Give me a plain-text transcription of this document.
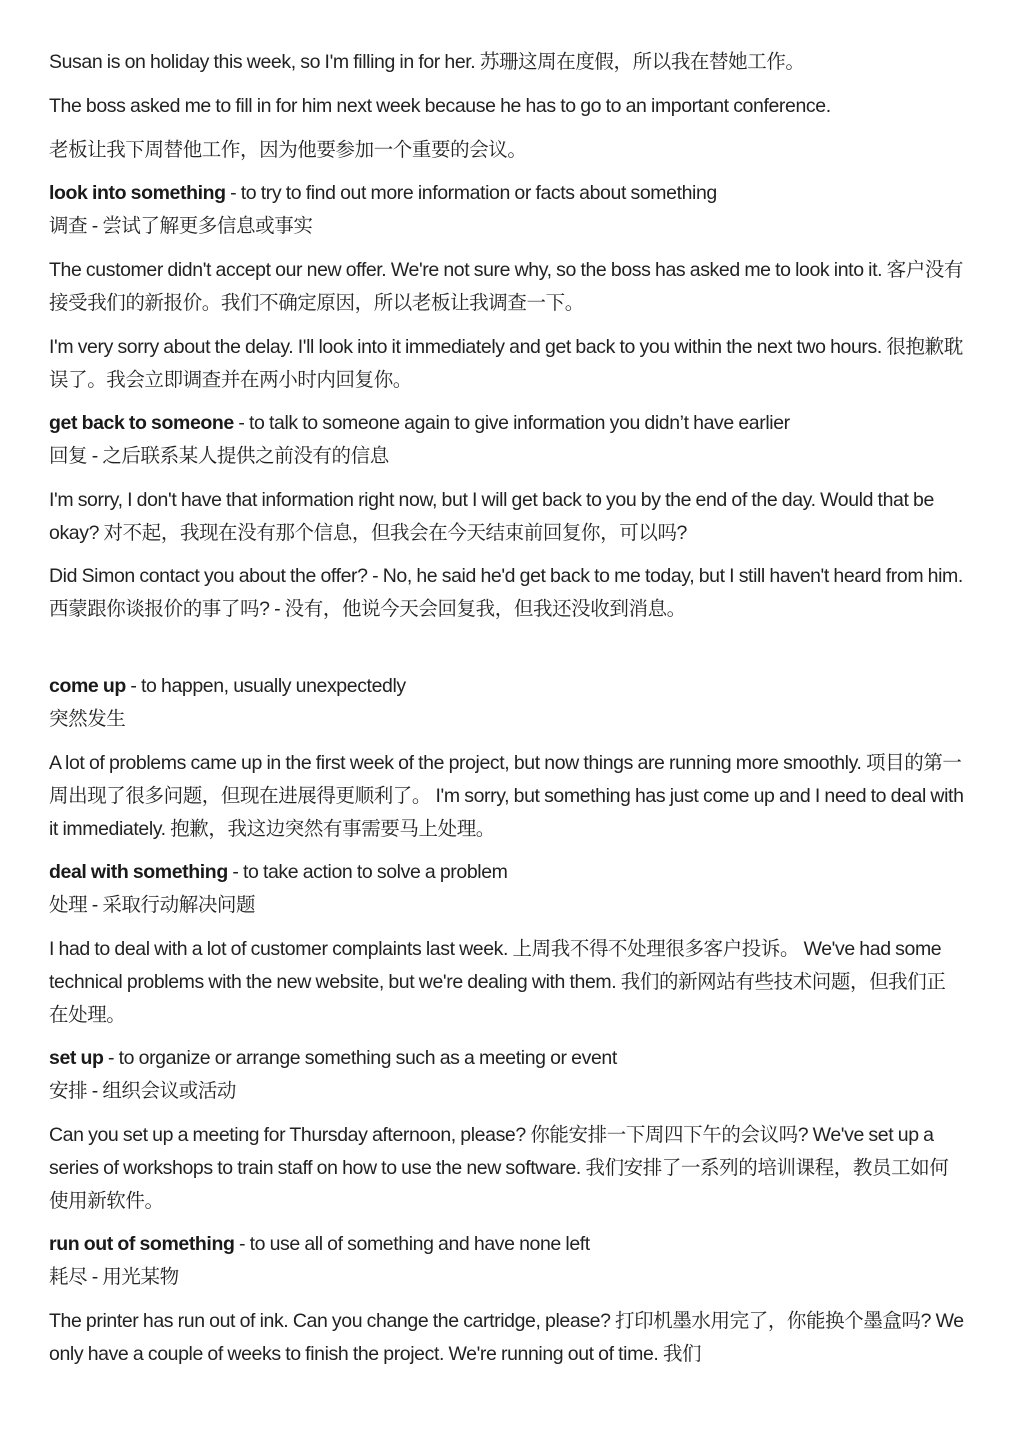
Susan is on holiday this week, so I'm filling in for her. 苏珊这周在度假，所以我在替她工作。

The boss asked me to fill in for him next week because he has to go to an important conference.

老板让我下周替他工作，因为他要参加一个重要的会议。

look into something - to try to find out more information or facts about something

调查 - 尝试了解更多信息或事实

The customer didn't accept our new offer. We're not sure why, so the boss has asked me to look into it. 客户没有接受我们的新报价。我们不确定原因，所以老板让我调查一下。

I'm very sorry about the delay. I'll look into it immediately and get back to you within the next two hours. 很抱歉耽误了。我会立即调查并在两小时内回复你。

get back to someone - to talk to someone again to give information you didn’t have earlier

回复 - 之后联系某人提供之前没有的信息

I'm sorry, I don't have that information right now, but I will get back to you by the end of the day. Would that be okay? 对不起，我现在没有那个信息，但我会在今天结束前回复你，可以吗?

Did Simon contact you about the offer? - No, he said he'd get back to me today, but I still haven't heard from him. 西蒙跟你谈报价的事了吗? - 没有，他说今天会回复我，但我还没收到消息。

come up - to happen, usually unexpectedly

突然发生

A lot of problems came up in the first week of the project, but now things are running more smoothly. 项目的第一周出现了很多问题，但现在进展得更顺利了。 I'm sorry, but something has just come up and I need to deal with it immediately. 抱歉，我这边突然有事需要马上处理。

deal with something - to take action to solve a problem

处理 - 采取行动解决问题

I had to deal with a lot of customer complaints last week. 上周我不得不处理很多客户投诉。 We've had some technical problems with the new website, but we're dealing with them. 我们的新网站有些技术问题，但我们正在处理。

set up - to organize or arrange something such as a meeting or event

安排 - 组织会议或活动

Can you set up a meeting for Thursday afternoon, please? 你能安排一下周四下午的会议吗? We've set up a series of workshops to train staff on how to use the new software. 我们安排了一系列的培训课程，教员工如何使用新软件。

run out of something - to use all of something and have none left

耗尽 - 用光某物

The printer has run out of ink. Can you change the cartridge, please? 打印机墨水用完了，你能换个墨盒吗? We only have a couple of weeks to finish the project. We're running out of time. 我们
